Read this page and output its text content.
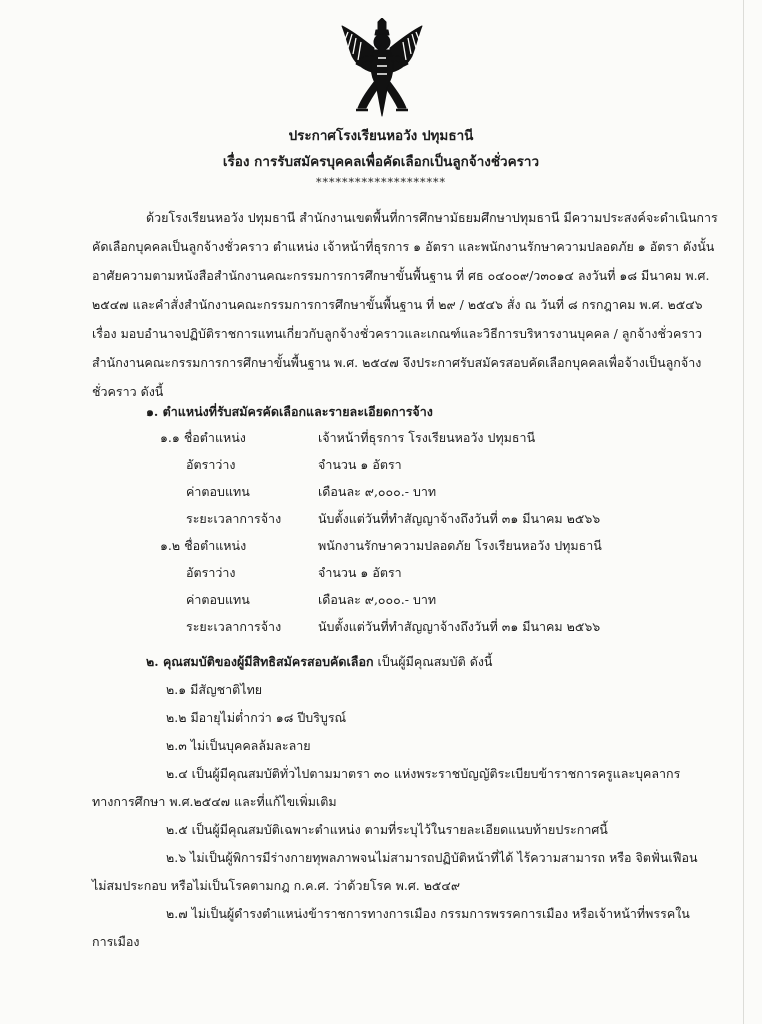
ประกาศโรงเรียนหอวัง ปทุมธานี
เรื่อง การรับสมัครบุคคลเพื่อคัดเลือกเป็นลูกจ้างชั่วคราว
********************
ด้วยโรงเรียนหอวัง ปทุมธานี สำนักงานเขตพื้นที่การศึกษามัธยมศึกษาปทุมธานี มีความประสงค์จะดำเนินการ
คัดเลือกบุคคลเป็นลูกจ้างชั่วคราว ตำแหน่ง เจ้าหน้าที่ธุรการ ๑ อัตรา และพนักงานรักษาความปลอดภัย ๑ อัตรา ดังนั้น
อาศัยความตามหนังสือสำนักงานคณะกรรมการการศึกษาขั้นพื้นฐาน ที่ ศธ ๐๔๐๐๙/ว๓๐๑๔ ลงวันที่ ๑๘ มีนาคม พ.ศ.
๒๕๔๗ และคำสั่งสำนักงานคณะกรรมการการศึกษาขั้นพื้นฐาน ที่ ๒๙ / ๒๕๔๖ สั่ง ณ วันที่ ๘ กรกฎาคม พ.ศ. ๒๕๔๖
เรื่อง มอบอำนาจปฏิบัติราชการแทนเกี่ยวกับลูกจ้างชั่วคราวและเกณฑ์และวิธีการบริหารงานบุคคล / ลูกจ้างชั่วคราว
สำนักงานคณะกรรมการการศึกษาขั้นพื้นฐาน พ.ศ. ๒๕๔๗ จึงประกาศรับสมัครสอบคัดเลือกบุคคลเพื่อจ้างเป็นลูกจ้าง
ชั่วคราว ดังนี้
๑. ตำแหน่งที่รับสมัครคัดเลือกและรายละเอียดการจ้าง
๑.๑ ชื่อตำแหน่ง	เจ้าหน้าที่ธุรการ โรงเรียนหอวัง ปทุมธานี
อัตราว่าง	จำนวน ๑ อัตรา
ค่าตอบแทน	เดือนละ ๙,๐๐๐.- บาท
ระยะเวลาการจ้าง	นับตั้งแต่วันที่ทำสัญญาจ้างถึงวันที่ ๓๑ มีนาคม ๒๕๖๖
๑.๒ ชื่อตำแหน่ง	พนักงานรักษาความปลอดภัย โรงเรียนหอวัง ปทุมธานี
อัตราว่าง	จำนวน ๑ อัตรา
ค่าตอบแทน	เดือนละ ๙,๐๐๐.- บาท
ระยะเวลาการจ้าง	นับตั้งแต่วันที่ทำสัญญาจ้างถึงวันที่ ๓๑ มีนาคม ๒๕๖๖
๒. คุณสมบัติของผู้มีสิทธิสมัครสอบคัดเลือก เป็นผู้มีคุณสมบัติ ดังนี้
๒.๑ มีสัญชาติไทย
๒.๒ มีอายุไม่ต่ำกว่า ๑๘ ปีบริบูรณ์
๒.๓ ไม่เป็นบุคคลล้มละลาย
๒.๔ เป็นผู้มีคุณสมบัติทั่วไปตามมาตรา ๓๐ แห่งพระราชบัญญัติระเบียบข้าราชการครูและบุคลากร
ทางการศึกษา พ.ศ.๒๕๔๗ และที่แก้ไขเพิ่มเติม
๒.๕ เป็นผู้มีคุณสมบัติเฉพาะตำแหน่ง ตามที่ระบุไว้ในรายละเอียดแนบท้ายประกาศนี้
๒.๖ ไม่เป็นผู้พิการมีร่างกายทุพลภาพจนไม่สามารถปฏิบัติหน้าที่ได้ ไร้ความสามารถ หรือ จิตฟั่นเฟือน
ไม่สมประกอบ หรือไม่เป็นโรคตามกฎ ก.ค.ศ. ว่าด้วยโรค พ.ศ. ๒๕๔๙
๒.๗ ไม่เป็นผู้ดำรงตำแหน่งข้าราชการทางการเมือง กรรมการพรรคการเมือง หรือเจ้าหน้าที่พรรคใน
การเมือง
